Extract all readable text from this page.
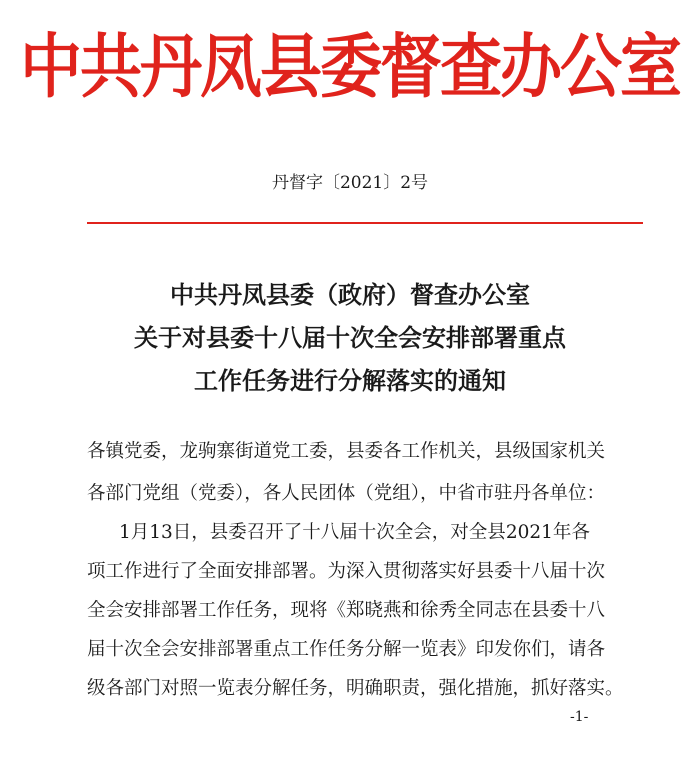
中共丹凤县委督查办公室
丹督字〔2021〕2号
中共丹凤县委（政府）督查办公室
关于对县委十八届十次全会安排部署重点
工作任务进行分解落实的通知
各镇党委，龙驹寨街道党工委，县委各工作机关，县级国家机关
各部门党组（党委），各人民团体（党组），中省市驻丹各单位：
1月13日，县委召开了十八届十次全会，对全县2021年各
项工作进行了全面安排部署。为深入贯彻落实好县委十八届十次
全会安排部署工作任务，现将《郑晓燕和徐秀全同志在县委十八
届十次全会安排部署重点工作任务分解一览表》印发你们，请各
级各部门对照一览表分解任务，明确职责，强化措施，抓好落实。
-1-
